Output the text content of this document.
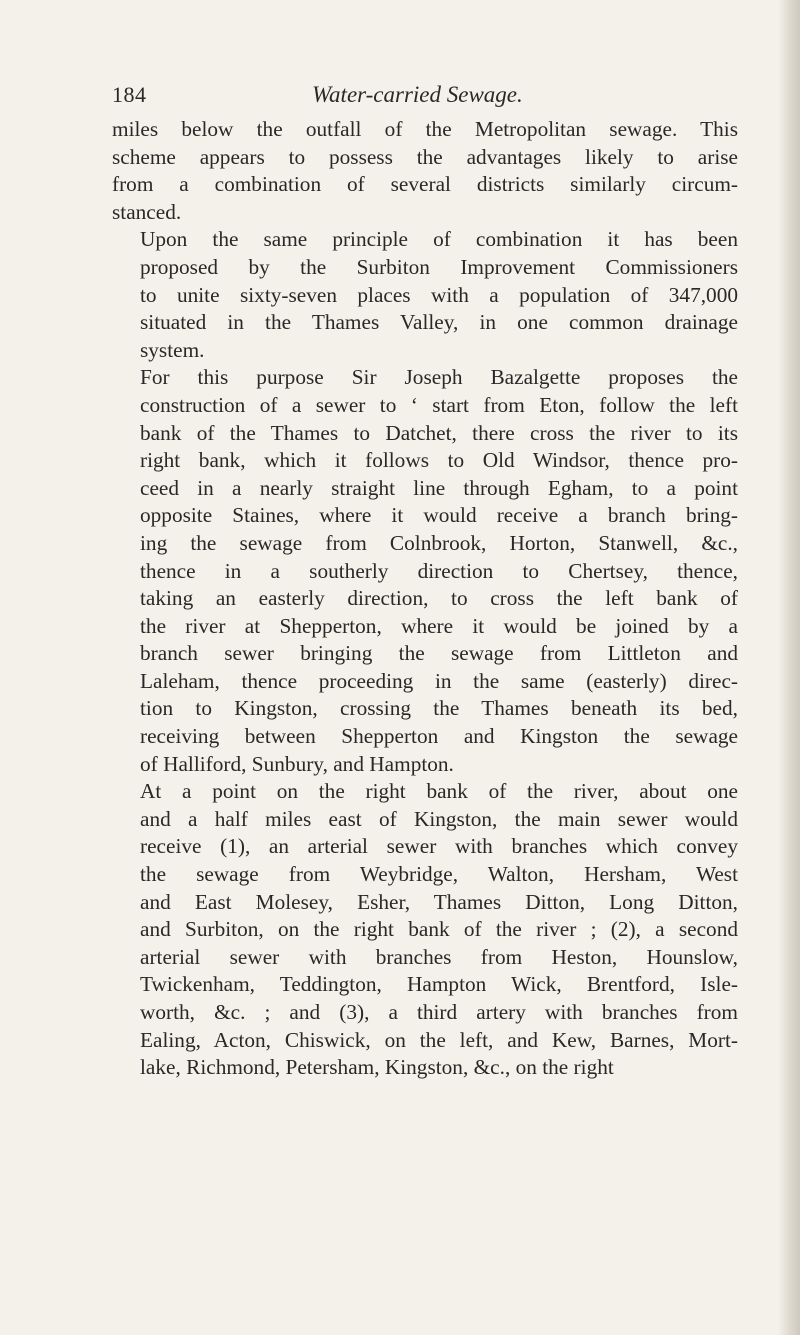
184	Water-carried Sewage.
miles below the outfall of the Metropolitan sewage. This
scheme appears to possess the advantages likely to arise
from a combination of several districts similarly circum-
stanced.
Upon the same principle of combination it has been
proposed by the Surbiton Improvement Commissioners
to unite sixty-seven places with a population of 347,000
situated in the Thames Valley, in one common drainage
system.
For this purpose Sir Joseph Bazalgette proposes the
construction of a sewer to ‘ start from Eton, follow the left
bank of the Thames to Datchet, there cross the river to its
right bank, which it follows to Old Windsor, thence pro-
ceed in a nearly straight line through Egham, to a point
opposite Staines, where it would receive a branch bring-
ing the sewage from Colnbrook, Horton, Stanwell, &c.,
thence in a southerly direction to Chertsey, thence,
taking an easterly direction, to cross the left bank of
the river at Shepperton, where it would be joined by a
branch sewer bringing the sewage from Littleton and
Laleham, thence proceeding in the same (easterly) direc-
tion to Kingston, crossing the Thames beneath its bed,
receiving between Shepperton and Kingston the sewage
of Halliford, Sunbury, and Hampton.
At a point on the right bank of the river, about one
and a half miles east of Kingston, the main sewer would
receive (1), an arterial sewer with branches which convey
the sewage from Weybridge, Walton, Hersham, West
and East Molesey, Esher, Thames Ditton, Long Ditton,
and Surbiton, on the right bank of the river ; (2), a second
arterial sewer with branches from Heston, Hounslow,
Twickenham, Teddington, Hampton Wick, Brentford, Isle-
worth, &c. ; and (3), a third artery with branches from
Ealing, Acton, Chiswick, on the left, and Kew, Barnes, Mort-
lake, Richmond, Petersham, Kingston, &c., on the right
